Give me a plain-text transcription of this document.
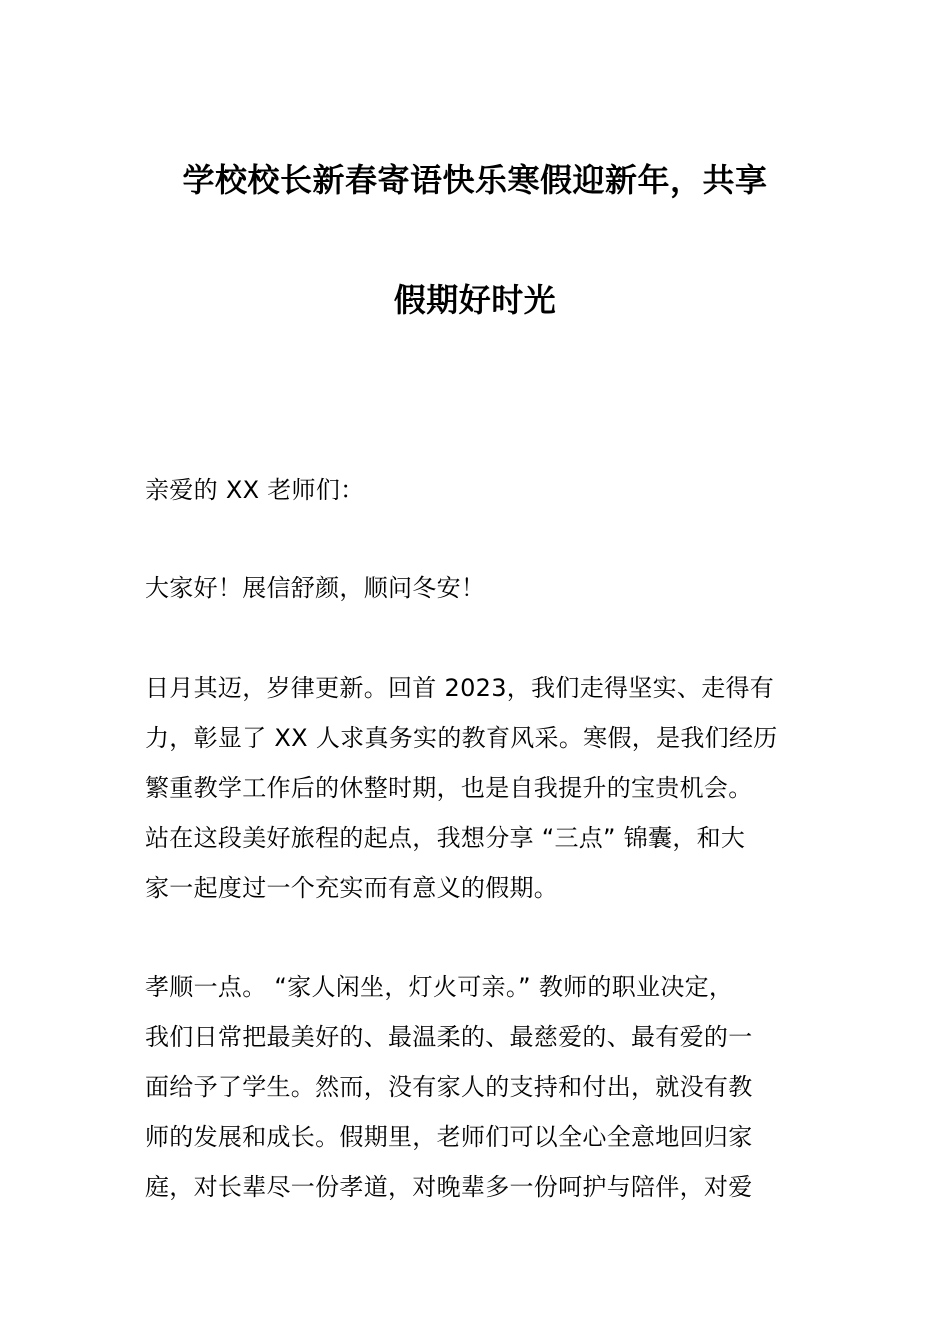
学校校长新春寄语快乐寒假迎新年，共享
假期好时光
亲爱的 XX 老师们：
大家好！展信舒颜，顺问冬安！
日月其迈，岁律更新。回首 2023，我们走得坚实、走得有
力，彰显了 XX 人求真务实的教育风采。寒假，是我们经历
繁重教学工作后的休整时期，也是自我提升的宝贵机会。
站在这段美好旅程的起点，我想分享 “三点” 锦囊，和大
家一起度过一个充实而有意义的假期。
孝顺一点。 “家人闲坐，灯火可亲。” 教师的职业决定，
我们日常把最美好的、最温柔的、最慈爱的、最有爱的一
面给予了学生。然而，没有家人的支持和付出，就没有教
师的发展和成长。假期里，老师们可以全心全意地回归家
庭，对长辈尽一份孝道，对晚辈多一份呵护与陪伴，对爱
